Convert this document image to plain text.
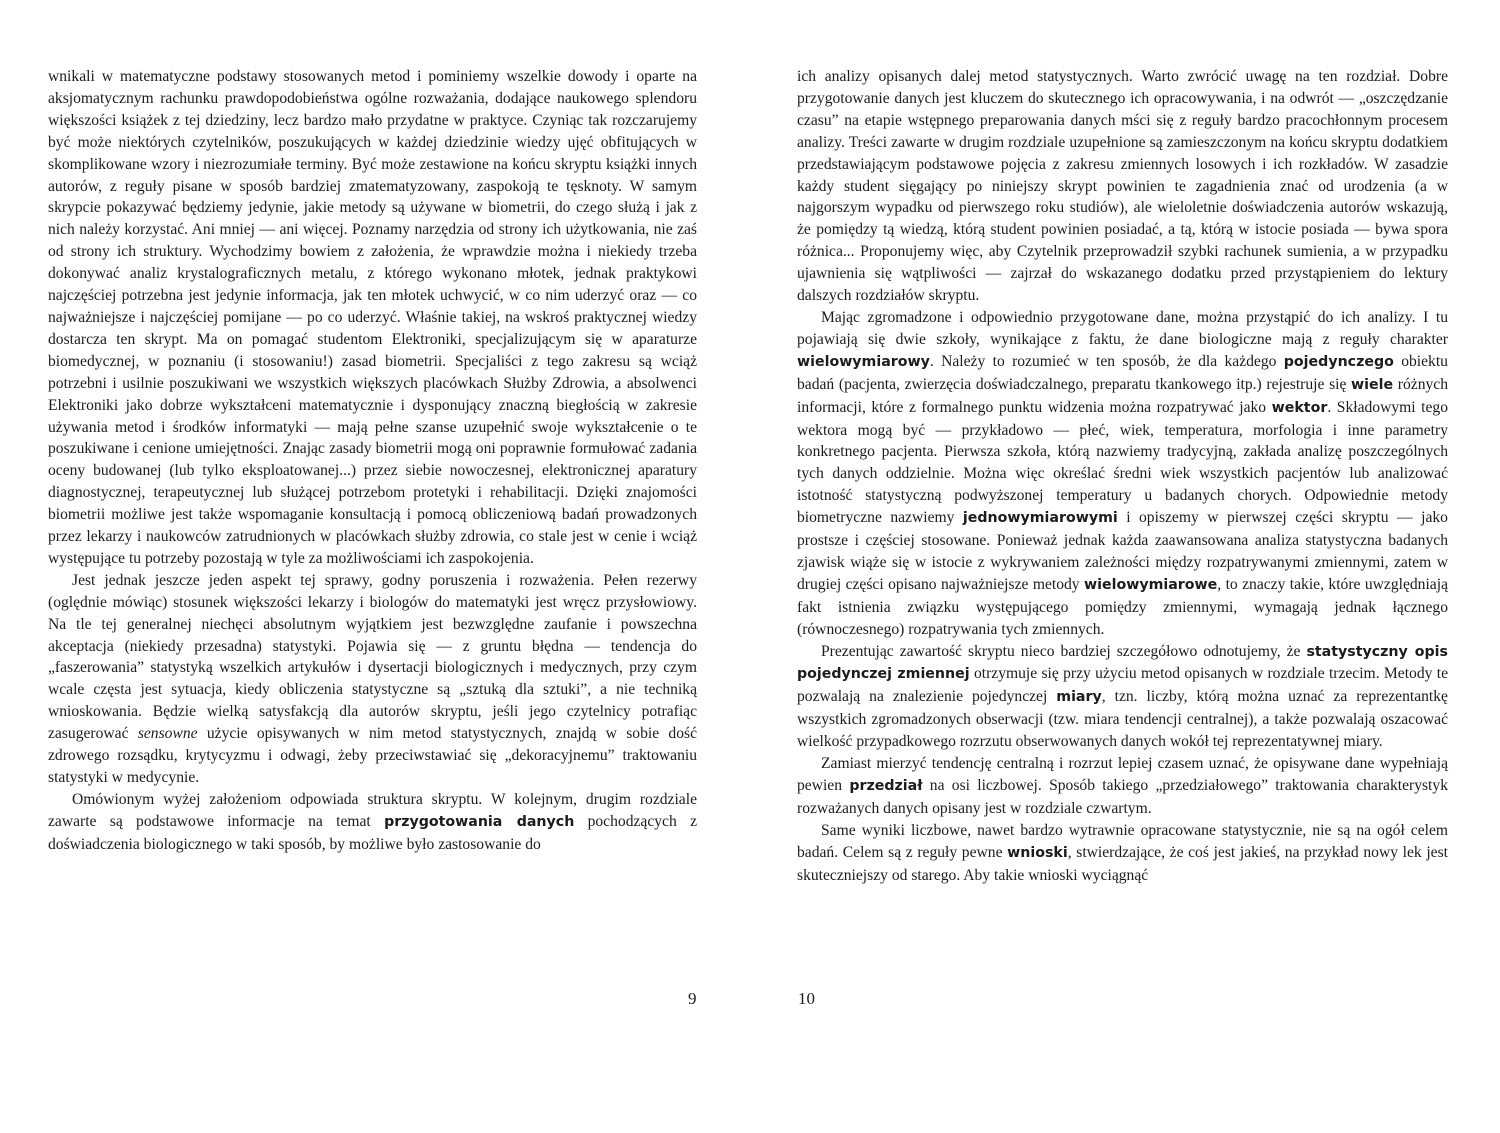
wnikali w matematyczne podstawy stosowanych metod i pominiemy wszelkie dowody i oparte na aksjomatycznym rachunku prawdopodobieństwa ogólne rozważania, dodające naukowego splendoru większości książek z tej dziedziny, lecz bardzo mało przydatne w praktyce. Czyniąc tak rozczarujemy być może niektórych czytelników, poszukujących w każdej dziedzinie wiedzy ujęć obfitujących w skomplikowane wzory i niezrozumiałe terminy. Być może zestawione na końcu skryptu książki innych autorów, z reguły pisane w sposób bardziej zmatematyzowany, zaspokoją te tęsknoty. W samym skrypcie pokazywać będziemy jedynie, jakie metody są używane w biometrii, do czego służą i jak z nich należy korzystać. Ani mniej — ani więcej. Poznamy narzędzia od strony ich użytkowania, nie zaś od strony ich struktury. Wychodzimy bowiem z założenia, że wprawdzie można i niekiedy trzeba dokonywać analiz krystalograficznych metalu, z którego wykonano młotek, jednak praktykowi najczęściej potrzebna jest jedynie informacja, jak ten młotek uchwycić, w co nim uderzyć oraz — co najważniejsze i najczęściej pomijane — po co uderzyć. Właśnie takiej, na wskroś praktycznej wiedzy dostarcza ten skrypt. Ma on pomagać studentom Elektroniki, specjalizującym się w aparaturze biomedycznej, w poznaniu (i stosowaniu!) zasad biometrii. Specjaliści z tego zakresu są wciąż potrzebni i usilnie poszukiwani we wszystkich większych placówkach Służby Zdrowia, a absolwenci Elektroniki jako dobrze wykształceni matematycznie i dysponujący znaczną biegłością w zakresie używania metod i środków informatyki — mają pełne szanse uzupełnić swoje wykształcenie o te poszukiwane i cenione umiejętności. Znając zasady biometrii mogą oni poprawnie formułować zadania oceny budowanej (lub tylko eksploatowanej...) przez siebie nowoczesnej, elektronicznej aparatury diagnostycznej, terapeutycznej lub służącej potrzebom protetyki i rehabilitacji. Dzięki znajomości biometrii możliwe jest także wspomaganie konsultacją i pomocą obliczeniową badań prowadzonych przez lekarzy i naukowców zatrudnionych w placówkach służby zdrowia, co stale jest w cenie i wciąż występujące tu potrzeby pozostają w tyle za możliwościami ich zaspokojenia.

Jest jednak jeszcze jeden aspekt tej sprawy, godny poruszenia i rozważenia. Pełen rezerwy (oględnie mówiąc) stosunek większości lekarzy i biologów do matematyki jest wręcz przysłowiowy. Na tle tej generalnej niechęci absolutnym wyjątkiem jest bezwzględne zaufanie i powszechna akceptacja (niekiedy przesadna) statystyki. Pojawia się — z gruntu błędna — tendencja do „faszerowania” statystyką wszelkich artykułów i dysertacji biologicznych i medycznych, przy czym wcale częsta jest sytuacja, kiedy obliczenia statystyczne są „sztuką dla sztuki”, a nie techniką wnioskowania. Będzie wielką satysfakcją dla autorów skryptu, jeśli jego czytelnicy potrafiąc zasugerować sensowne użycie opisywanych w nim metod statystycznych, znajdą w sobie dość zdrowego rozsądku, krytycyzmu i odwagi, żeby przeciwstawiać się „dekoracyjnemu” traktowaniu statystyki w medycynie.

Omówionym wyżej założeniom odpowiada struktura skryptu. W kolejnym, drugim rozdziale zawarte są podstawowe informacje na temat przygotowania danych pochodzących z doświadczenia biologicznego w taki sposób, by możliwe było zastosowanie do

9

ich analizy opisanych dalej metod statystycznych. Warto zwrócić uwagę na ten rozdział. Dobre przygotowanie danych jest kluczem do skutecznego ich opracowywania, i na odwrót — „oszczędzanie czasu” na etapie wstępnego preparowania danych mści się z reguły bardzo pracochłonnym procesem analizy. Treści zawarte w drugim rozdziale uzupełnione są zamieszczonym na końcu skryptu dodatkiem przedstawiającym podstawowe pojęcia z zakresu zmiennych losowych i ich rozkładów. W zasadzie każdy student sięgający po niniejszy skrypt powinien te zagadnienia znać od urodzenia (a w najgorszym wypadku od pierwszego roku studiów), ale wieloletnie doświadczenia autorów wskazują, że pomiędzy tą wiedzą, którą student powinien posiadać, a tą, którą w istocie posiada — bywa spora różnica... Proponujemy więc, aby Czytelnik przeprowadził szybki rachunek sumienia, a w przypadku ujawnienia się wątpliwości — zajrzał do wskazanego dodatku przed przystąpieniem do lektury dalszych rozdziałów skryptu.

Mając zgromadzone i odpowiednio przygotowane dane, można przystąpić do ich analizy. I tu pojawiają się dwie szkoły, wynikające z faktu, że dane biologiczne mają z reguły charakter wielowymiarowy. Należy to rozumieć w ten sposób, że dla każdego pojedynczego obiektu badań (pacjenta, zwierzęcia doświadczalnego, preparatu tkankowego itp.) rejestruje się wiele różnych informacji, które z formalnego punktu widzenia można rozpatrywać jako wektor. Składowymi tego wektora mogą być — przykładowo — płeć, wiek, temperatura, morfologia i inne parametry konkretnego pacjenta. Pierwsza szkoła, którą nazwiemy tradycyjną, zakłada analizę poszczególnych tych danych oddzielnie. Można więc określać średni wiek wszystkich pacjentów lub analizować istotność statystyczną podwyższonej temperatury u badanych chorych. Odpowiednie metody biometryczne nazwiemy jednowymiarowymi i opiszemy w pierwszej części skryptu — jako prostsze i częściej stosowane. Ponieważ jednak każda zaawansowana analiza statystyczna badanych zjawisk wiąże się w istocie z wykrywaniem zależności między rozpatrywanymi zmiennymi, zatem w drugiej części opisano najważniejsze metody wielowymiarowe, to znaczy takie, które uwzględniają fakt istnienia związku występującego pomiędzy zmiennymi, wymagają jednak łącznego (równoczesnego) rozpatrywania tych zmiennych.

Prezentując zawartość skryptu nieco bardziej szczegółowo odnotujemy, że statystyczny opis pojedynczej zmiennej otrzymuje się przy użyciu metod opisanych w rozdziale trzecim. Metody te pozwalają na znalezienie pojedynczej miary, tzn. liczby, którą można uznać za reprezentantkę wszystkich zgromadzonych obserwacji (tzw. miara tendencji centralnej), a także pozwalają oszacować wielkość przypadkowego rozrzutu obserwowanych danych wokół tej reprezentatywnej miary.

Zamiast mierzyć tendencję centralną i rozrzut lepiej czasem uznać, że opisywane dane wypełniają pewien przedział na osi liczbowej. Sposób takiego „przedziałowego” traktowania charakterystyk rozważanych danych opisany jest w rozdziale czwartym.

Same wyniki liczbowe, nawet bardzo wytrawnie opracowane statystycznie, nie są na ogół celem badań. Celem są z reguły pewne wnioski, stwierdzające, że coś jest jakieś, na przykład nowy lek jest skuteczniejszy od starego. Aby takie wnioski wyciągnąć

10
